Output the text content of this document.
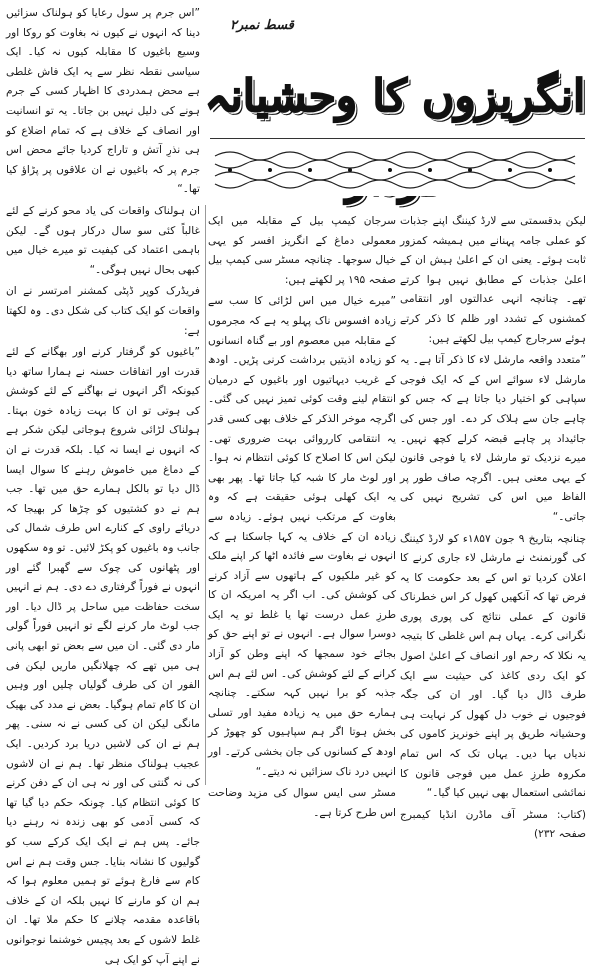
قسط نمبر۲
انگریزوں کا وحشیانہ

لیکن بدقسمتی سے لارڈ کیننگ اپنے جذبات کو عملی جامہ پہنانے میں ہمیشہ کمزور ثابت ہوئے۔ یعنی ان کے اعلیٰ ہیش ان کے اعلیٰ جذبات کے مطابق نہیں ہوا کرتے تھے۔ چنانچہ انہی عدالتوں اور انتقامی کمشنوں کے تشدد اور ظلم کا ذکر کرتے ہوئے سرجارج کیمپ بیل لکھتے ہیں:

”متعدد واقعہ مارشل لاء کا ذکر آتا ہے۔ یہ مارشل لاء سوائے اس کے کہ ایک فوجی سپاہی کو اختیار دیا جاتا ہے کہ جس کو چاہے جان سے ہلاک کر دے۔ اور جس کی جائیداد پر چاہے قبضہ کرلے کچھ نہیں۔ میرے نزدیک تو مارشل لاء یا فوجی قانون کے یہی معنی ہیں۔ اگرچہ صاف طور پر الفاظ میں اس کی تشریح نہیں کی جاتی۔“

چنانچہ بتاریخ ۹ جون ۱۸۵۷ء کو لارڈ کیننگ کی گورنمنٹ نے مارشل لاء جاری کرنے کا اعلان کردیا تو اس کے بعد حکومت کا یہ فرض تھا کہ آنکھیں کھول کر اس خطرناک قانون کے عملی نتائج کی پوری پوری نگرانی کرے۔ یہاں ہم اس غلطی کا بتیجہ یہ نکلا کہ رحم اور انصاف کے اعلیٰ اصول کو ایک ردی کاغذ کی حیثیت سے ایک طرف ڈال دیا گیا۔ اور ان کی جگہ فوجیوں نے خوب دل کھول کر نہایت ہی وحشیانہ طریق پر اپنے خونریز کاموں کی ندیاں بہا دیں۔ یہاں تک کہ اس تمام مکروہ طرزِ عمل میں فوجی قانون کا نمائشی استعمال بھی نہیں کیا گیا۔“

(کتاب: مسٹر آف ماڈرن انڈیا کیمبرج صفحہ ۲۳۲)

سرجان کیمپ بیل کے مقابلہ میں ایک معمولی دماغ کے انگریز افسر کو یہی خیال سوجھا۔ چنانچہ مسٹر سی کیمپ بیل صفحہ ۱۹۵ پر لکھتے ہیں:

”میرے خیال میں اس لڑائی کا سب سے زیادہ افسوس ناک پہلو یہ ہے کہ مجرموں کے مقابلہ میں معصوم اور بے گناہ انسانوں کو زیادہ اذیتیں برداشت کرنی پڑیں۔ اودھ کے غریب دیہاتیوں اور باغیوں کے درمیان انتقام لینے وقت کوئی تمیز نہیں کی گئی۔ اگرچہ موخر الذکر کے خلاف بھی کسی قدر یہ انتقامی کارروائی بہت ضروری تھی۔ لیکن اس کا اصلاح کا کوئی انتظام نہ ہوا۔ اور لوٹ مار کا شبہ کیا جاتا تھا۔ پھر بھی یہ ایک کھلی ہوئی حقیقت ہے کہ وہ بغاوت کے مرتکب نہیں ہوئے۔ زیادہ سے زیادہ ان کے خلاف یہ کہا جاسکتا ہے کہ انہوں نے بغاوت سے فائدہ اٹھا کر اپنے ملک کو غیر ملکیوں کے ہاتھوں سے آزاد کرنے کی کوشش کی۔ اب اگر یہ امریکہ ان کا طرزِ عمل درست تھا یا غلط تو یہ ایک دوسرا سوال ہے۔ انہوں نے تو اپنے حق کو بجائے خود سمجھا کہ اپنے وطن کو آزاد کرانے کے لئے کوشش کی۔ اس لئے ہم اس جذبہ کو برا نہیں کہہ سکتے۔ چنانچہ ہمارے حق میں یہ زیادہ مفید اور تسلی بخش ہوتا اگر ہم سپاہیوں کو چھوڑ کر اودھ کے کسانوں کی جان بخشی کرتے۔ اور انہیں درد ناک سزائیں نہ دیتے۔“

مسٹر سی ایس سوال کی مزید وضاحت اس طرح کرتا ہے۔

”اس جرم پر سول رعایا کو ہولناک سزائیں دینا کہ انہوں نے کیوں نہ بغاوت کو روکا اور وسیع باغیوں کا مقابلہ کیوں نہ کیا۔ ایک سیاسی نقطہ نظر سے یہ ایک فاش غلطی ہے محض ہمدردی کا اظہار کسی کے جرم ہونے کی دلیل نہیں بن جاتا۔ یہ تو انسانیت اور انصاف کے خلاف ہے کہ تمام اضلاع کو ہی نذرِ آتش و تاراج کردیا جائے محض اس جرم پر کہ باغیوں نے ان علاقوں پر پڑاؤ کیا تھا۔“

ان ہولناک واقعات کی یاد محو کرنے کے لئے غالباً کئی سو سال درکار ہوں گے۔ لیکن باہمی اعتماد کی کیفیت تو میرے خیال میں کبھی بحال نہیں ہوگی۔“

فریڈرک کوپر ڈپٹی کمشنر امرتسر نے ان واقعات کو ایک کتاب کی شکل دی۔ وہ لکھتا ہے:

”باغیوں کو گرفتار کرنے اور بھگانے کے لئے قدرت اور اتفاقات حسنہ نے ہمارا ساتھ دیا کیونکہ اگر انہوں نے بھاگنے کے لئے کوشش کی ہوتی تو ان کا بہت زیادہ خون بہتا۔ ہولناک لڑائی شروع ہوجاتی لیکن شکر ہے کہ انہوں نے ایسا نہ کیا۔ بلکہ قدرت نے ان کے دماغ میں خاموش رہنے کا سوال ایسا ڈال دیا تو بالکل ہمارے حق میں تھا۔ جب ہم نے دو کشتیوں کو چڑھا کر بھیجا کہ دریائے راوی کے کنارے اس طرف شمال کی جانب وہ باغیوں کو پکڑ لائیں۔ تو وہ سکھوں اور پٹھانوں کی چوک سے گھبرا گئے اور انہوں نے فوراً گرفتاری دے دی۔ ہم نے انہیں سخت حفاظت میں ساحل پر ڈال دیا۔ اور جب لوٹ مار کرنے لگے تو انہیں فوراً گولی مار دی گئی۔ ان میں سے بعض تو ابھی پانی ہی میں تھے کہ چھلانگیں ماریں لیکن فی الفور ان کی طرف گولیاں چلیں اور وہیں ان کا کام تمام ہوگیا۔ بعض نے مدد کی بھیک مانگی لیکن ان کی کسی نے نہ سنی۔ پھر ہم نے ان کی لاشیں دریا برد کردیں۔ ایک عجیب ہولناک منظر تھا۔ ہم نے ان لاشوں کی نہ گنتی کی اور نہ ہی ان کے دفن کرنے کا کوئی انتظام کیا۔ چونکہ حکم دیا گیا تھا کہ کسی آدمی کو بھی زندہ نہ رہنے دیا جائے۔ پس ہم نے ایک ایک کرکے سب کو گولیوں کا نشانہ بنایا۔ جس وقت ہم نے اس کام سے فارغ ہوئے تو ہمیں معلوم ہوا کہ ہم ان کو مارنے کا نہیں بلکہ ان کے خلاف باقاعدہ مقدمہ چلانے کا حکم ملا تھا۔ ان غلط لاشوں کے بعد پچیس خوشنما نوجوانوں نے اپنے آپ کو ایک ہی
